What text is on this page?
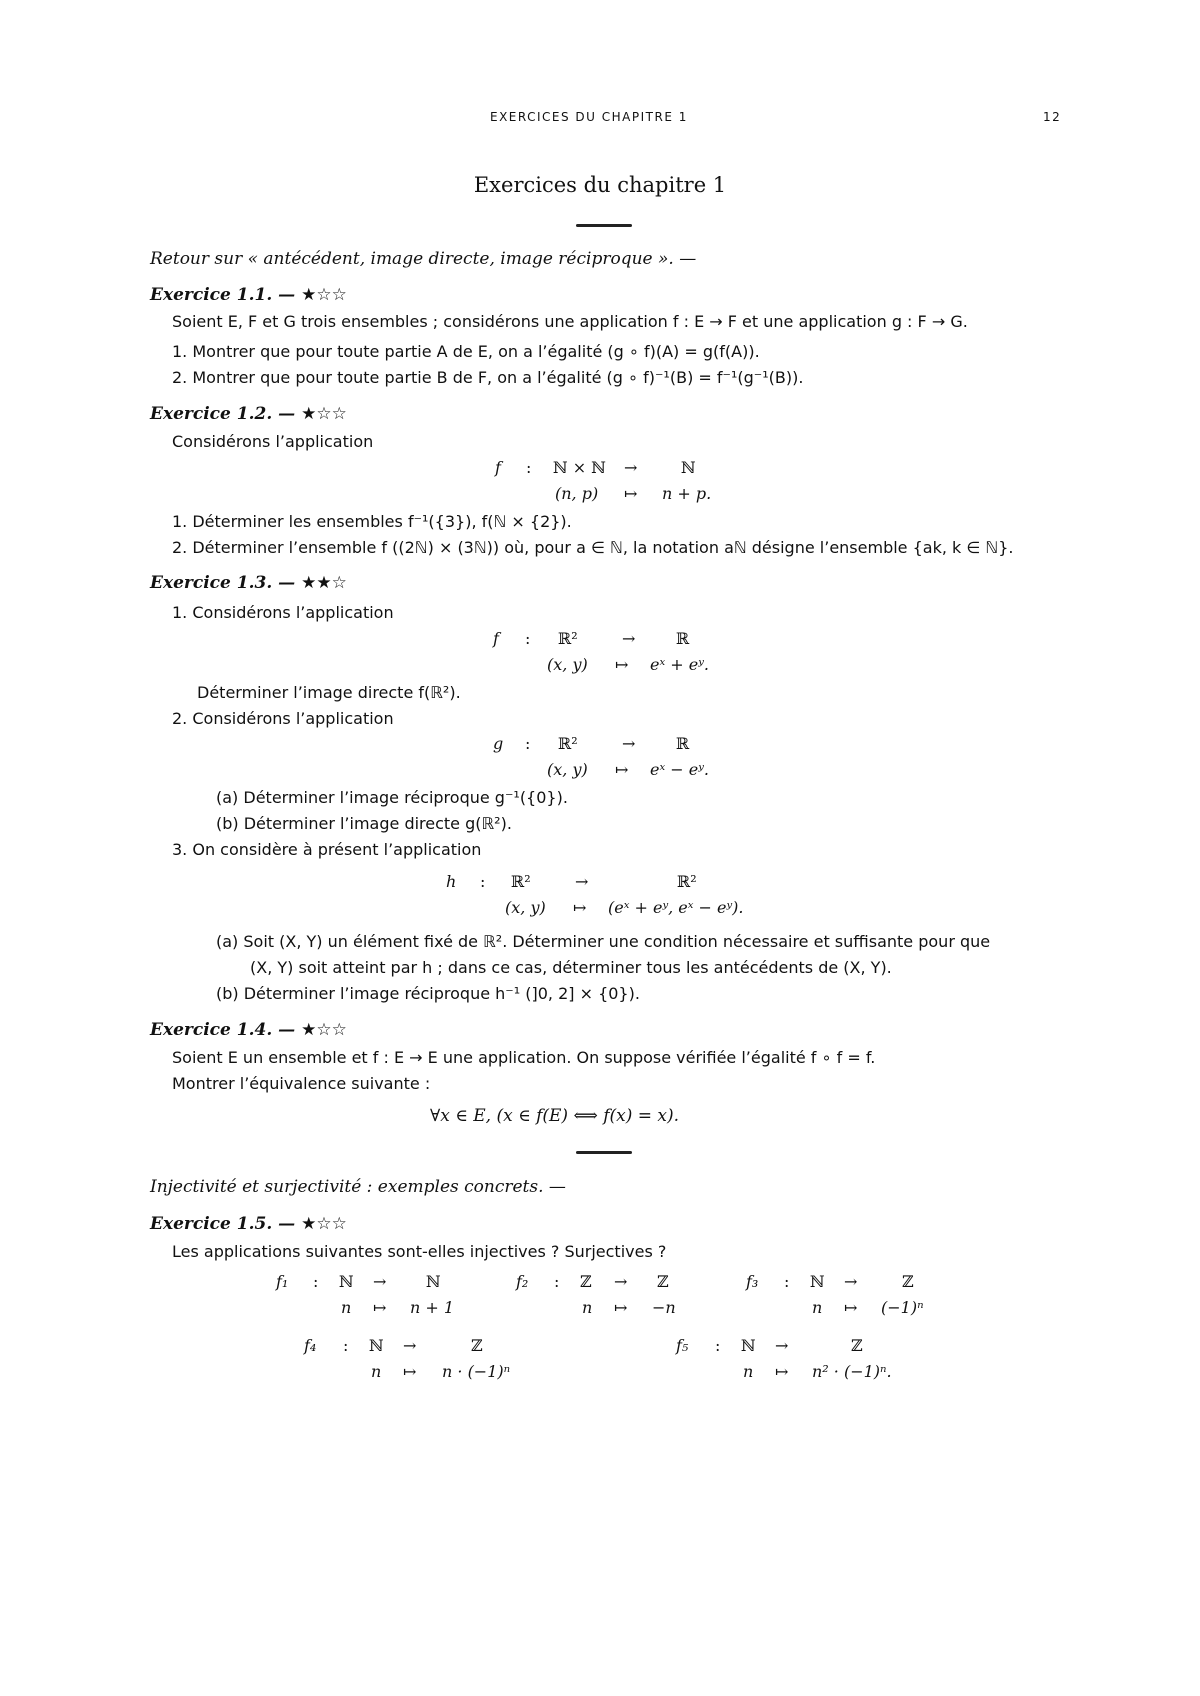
EXERCICES DU CHAPITRE 1	12
Exercices du chapitre 1
Retour sur « antécédent, image directe, image réciproque ». —
Exercice 1.1. — ★☆☆
Soient E, F et G trois ensembles ; considérons une application f : E → F et une application g : F → G.
1. Montrer que pour toute partie A de E, on a l’égalité (g ∘ f)(A) = g(f(A)).
2. Montrer que pour toute partie B de F, on a l’égalité (g ∘ f)⁻¹(B) = f⁻¹(g⁻¹(B)).
Exercice 1.2. — ★☆☆
Considérons l’application
f : ℕ × ℕ →	ℕ
(n, p) ↦ n + p.
1. Déterminer les ensembles f⁻¹({3}), f(ℕ × {2}).
2. Déterminer l’ensemble f ((2ℕ) × (3ℕ)) où, pour a ∈ ℕ, la notation aℕ désigne l’ensemble {ak, k ∈ ℕ}.
Exercice 1.3. — ★★☆
1. Considérons l’application
f : ℝ²	→	ℝ
(x, y) ↦ eˣ + eʸ.
Déterminer l’image directe f(ℝ²).
2. Considérons l’application
g : ℝ²	→	ℝ
(x, y) ↦ eˣ − eʸ.
(a) Déterminer l’image réciproque g⁻¹({0}).
(b) Déterminer l’image directe g(ℝ²).
3. On considère à présent l’application
h : ℝ²	→	ℝ²
(x, y) ↦ (eˣ + eʸ, eˣ − eʸ).
(a) Soit (X, Y) un élément fixé de ℝ². Déterminer une condition nécessaire et suffisante pour que
(X, Y) soit atteint par h ; dans ce cas, déterminer tous les antécédents de (X, Y).
(b) Déterminer l’image réciproque h⁻¹ (]0, 2] × {0}).
Exercice 1.4. — ★☆☆
Soient E un ensemble et f : E → E une application. On suppose vérifiée l’égalité f ∘ f = f.
Montrer l’équivalence suivante :
∀x ∈ E, (x ∈ f(E) ⟺ f(x) = x).
Injectivité et surjectivité : exemples concrets. —
Exercice 1.5. — ★☆☆
Les applications suivantes sont-elles injectives ? Surjectives ?
f₁ : ℕ → ℕ
n ↦ n + 1
f₂ : ℤ → ℤ
n ↦ −n
f₃ : ℕ →	ℤ
n ↦ (−1)ⁿ
f₄ : ℕ →	ℤ
n ↦ n · (−1)ⁿ
f₅ : ℕ →	ℤ
n ↦ n² · (−1)ⁿ.
